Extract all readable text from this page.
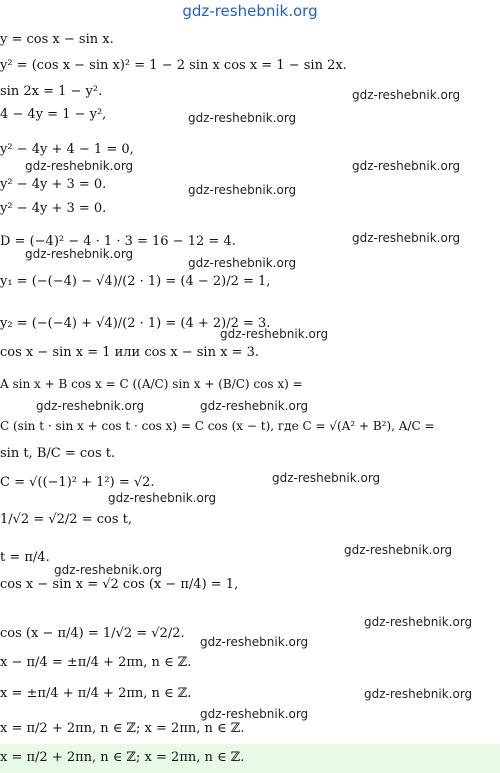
gdz-reshebnik.org
y = cos x − sin x.
y² = (cos x − sin x)² = 1 − 2 sin x cos x = 1 − sin 2x.
sin 2x = 1 − y².
4 − 4y = 1 − y²,
y² − 4y + 4 − 1 = 0,
y² − 4y + 3 = 0.
y² − 4y + 3 = 0.
D = (−4)² − 4 · 1 · 3 = 16 − 12 = 4.
y₁ = (−(−4) − √4)/(2 · 1) = (4 − 2)/2 = 1,
y₂ = (−(−4) + √4)/(2 · 1) = (4 + 2)/2 = 3.
cos x − sin x = 1 или cos x − sin x = 3.
A sin x + B cos x = C ((A/C) sin x + (B/C) cos x) =
C (sin t · sin x + cos t · cos x) = C cos (x − t), где C = √(A² + B²), A/C =
sin t, B/C = cos t.
C = √((−1)² + 1²) = √2.
1/√2 = √2/2 = cos t,
t = π/4.
cos x − sin x = √2 cos (x − π/4) = 1,
cos (x − π/4) = 1/√2 = √2/2.
x − π/4 = ±π/4 + 2πn, n ∈ ℤ.
x = ±π/4 + π/4 + 2πn, n ∈ ℤ.
x = π/2 + 2πn, n ∈ ℤ; x = 2πn, n ∈ ℤ.
x = π/2 + 2πn, n ∈ ℤ; x = 2πn, n ∈ ℤ.
gdz-reshebnik.org
gdz-reshebnik.org
gdz-reshebnik.org	gdz-reshebnik.org
gdz-reshebnik.org
gdz-reshebnik.org
gdz-reshebnik.org
gdz-reshebnik.org
gdz-reshebnik.org
gdz-reshebnik.org	gdz-reshebnik.org
gdz-reshebnik.org
gdz-reshebnik.org
gdz-reshebnik.org
gdz-reshebnik.org
gdz-reshebnik.org
gdz-reshebnik.org
gdz-reshebnik.org
gdz-reshebnik.org
